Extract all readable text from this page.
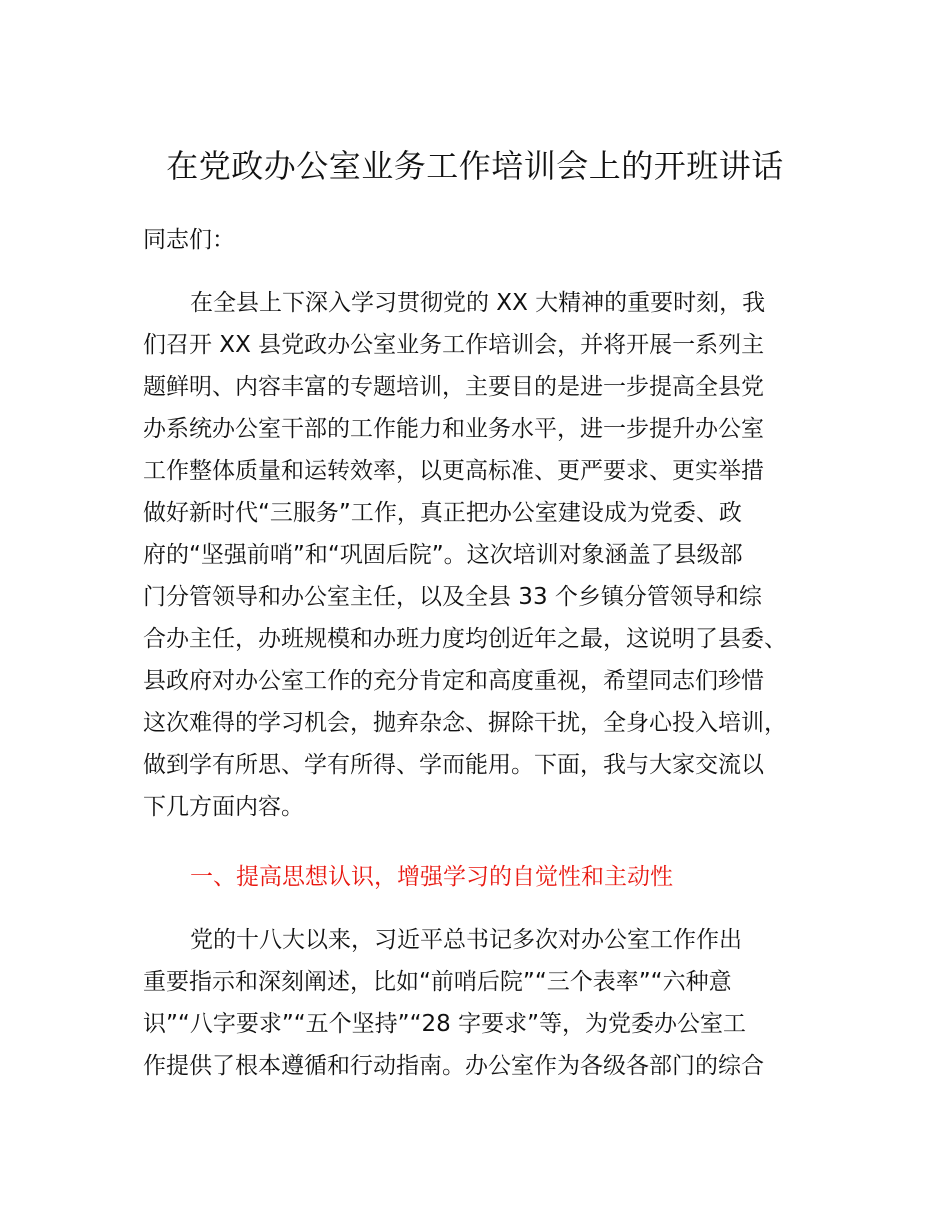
在党政办公室业务工作培训会上的开班讲话
同志们：
在全县上下深入学习贯彻党的 XX 大精神的重要时刻，我
们召开 XX 县党政办公室业务工作培训会，并将开展一系列主
题鲜明、内容丰富的专题培训，主要目的是进一步提高全县党
办系统办公室干部的工作能力和业务水平，进一步提升办公室
工作整体质量和运转效率，以更高标准、更严要求、更实举措
做好新时代“三服务”工作，真正把办公室建设成为党委、政
府的“坚强前哨”和“巩固后院”。这次培训对象涵盖了县级部
门分管领导和办公室主任，以及全县 33 个乡镇分管领导和综
合办主任，办班规模和办班力度均创近年之最，这说明了县委、
县政府对办公室工作的充分肯定和高度重视，希望同志们珍惜
这次难得的学习机会，抛弃杂念、摒除干扰，全身心投入培训，
做到学有所思、学有所得、学而能用。下面，我与大家交流以
下几方面内容。
一、提高思想认识，增强学习的自觉性和主动性
党的十八大以来，习近平总书记多次对办公室工作作出
重要指示和深刻阐述，比如“前哨后院”“三个表率”“六种意
识”“八字要求”“五个坚持”“28 字要求”等，为党委办公室工
作提供了根本遵循和行动指南。办公室作为各级各部门的综合
